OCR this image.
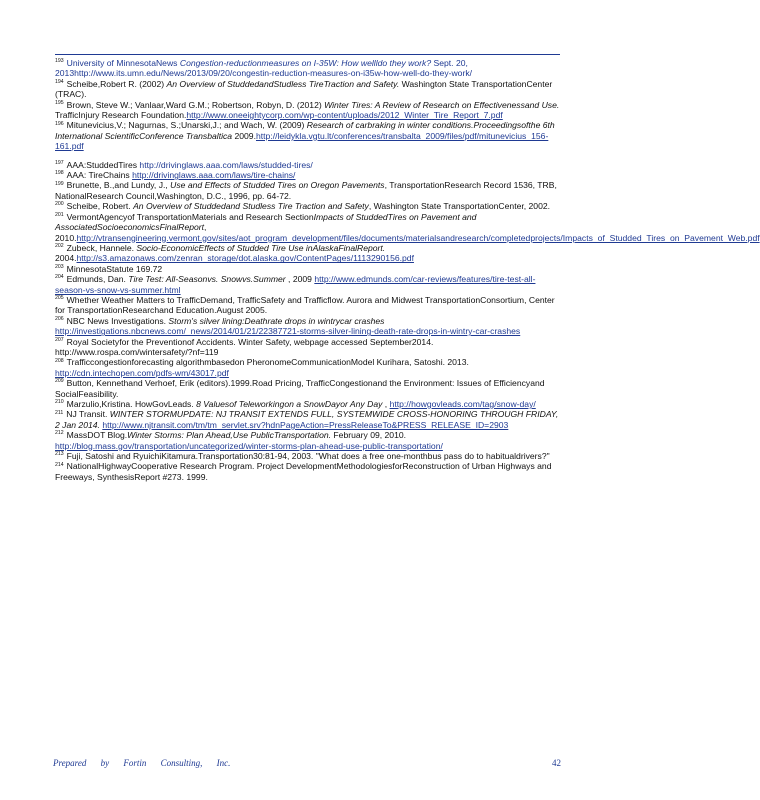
$^{193}$ University of MinnesotaNews Congestion-reductionmeasures on I-35W: How wellldo they work? Sept. 20, 2013http://www.its.umn.edu/News/2013/09/20/congestin-reduction-measures-on-i35w-how-well-do-they-work/

$^{194}$ Scheibe,Robert R. (2002) An Overview of StuddedandStudless TireTraction and Safety. Washington State TransportationCenter (TRAC).

$^{195}$ Brown, Steve W.; Vanlaar,Ward G.M.; Robertson, Robyn, D. (2012) Winter Tires: A Review of Research on Effectivenessand Use. TrafficInjury Research Foundation.http://www.oneeightycorp.com/wp-content/uploads/2012_Winter_Tire_Report_7.pdf

$^{196}$ Mitunevicius,V.; Nagurnas, S.;Unarski,J.; and Wach, W. (2009) Research of carbraking in winter conditions.Proceedingsofthe 6th International ScientificConference Transbaltica 2009.http://leidykla.vgtu.lt/conferences/transbalta_2009/files/pdf/mitunevicius_156-161.pdf

$^{197}$ AAA:StuddedTires http://drivinglaws.aaa.com/laws/studded-tires/

$^{198}$ AAA: TireChains http://drivinglaws.aaa.com/laws/tire-chains/

$^{199}$ Brunette, B.,and Lundy, J., Use and Effects of Studded Tires on Oregon Pavements, TransportationResearch Record 1536, TRB, NationalResearch Council,Washington, D.C., 1996, pp. 64-72.

$^{200}$ Scheibe, Robert. An Overview of Studdedand Studless Tire Traction and Safety, Washington State TransportationCenter, 2002.

$^{201}$ VermontAgencyof TransportationMaterials and Research SectionImpacts of StuddedTires on Pavement and AssociatedSocioeconomicsFinalReport, 2010.http://vtransengineering.vermont.gov/sites/aot_program_development/files/documents/materialsandresearch/completedprojects/Impacts_of_Studded_Tires_on_Pavement_Web.pdf

$^{202}$ Zubeck, Hannele. Socio-EconomicEffects of Studded Tire Use inAlaskaFinalReport. 2004.http://s3.amazonaws.com/zenran_storage/dot.alaska.gov/ContentPages/1113290156.pdf

$^{203}$ MinnesotaStatute 169.72

$^{204}$ Edmunds, Dan. Tire Test: All-Seasonvs. Snowvs.Summer , 2009 http://www.edmunds.com/car-reviews/features/tire-test-all-season-vs-snow-vs-summer.html

$^{205}$ Whether Weather Matters to TrafficDemand, TrafficSafety and Trafficflow. Aurora and Midwest TransportationConsortium, Center for TransportationResearchand Education.August 2005.

$^{206}$ NBC News Investigations. Storm's silver lining:Deathrate drops in wintrycar crashes http://investigations.nbcnews.com/_news/2014/01/21/22387721-storms-silver-lining-death-rate-drops-in-wintry-car-crashes

$^{207}$ Royal Societyfor the Preventionof Accidents. Winter Safety, webpage accessed September2014. http://www.rospa.com/wintersafety/?nf=119

$^{208}$ Trafficcongestionforecasting algorithmbasedon PheronomeCommunicationModel Kurihara, Satoshi. 2013. http://cdn.intechopen.com/pdfs-wm/43017.pdf

$^{209}$ Button, Kennethand Verhoef, Erik (editors).1999.Road Pricing, TrafficCongestionand the Environment: Issues of Efficiencyand SocialFeasibility.

$^{210}$ Marzulio,Kristina. HowGovLeads. 8 Valuesof Teleworkingon a SnowDayor Any Day , http://howgovleads.com/tag/snow-day/

$^{211}$ NJ Transit. WINTER STORMUPDATE: NJ TRANSIT EXTENDS FULL, SYSTEMWIDE CROSS-HONORING THROUGH FRIDAY, 2 Jan 2014. http://www.njtransit.com/tm/tm_servlet.srv?hdnPageAction=PressReleaseTo&PRESS_RELEASE_ID=2903

$^{212}$ MassDOT Blog.Winter Storms: Plan Ahead,Use PublicTransportation. February 09, 2010. http://blog.mass.gov/transportation/uncategorized/winter-storms-plan-ahead-use-public-transportation/

$^{213}$ Fuji, Satoshi and RyuichiKitamura.Transportation30:81-94, 2003. "What does a free one-monthbus pass do to habitualdrivers?"

$^{214}$ NationalHighwayCooperative Research Program. Project DevelopmentMethodologiesforReconstruction of Urban Highways and Freeways, SynthesisReport #273. 1999.

Prepared by Fortin Consulting, Inc.	42
